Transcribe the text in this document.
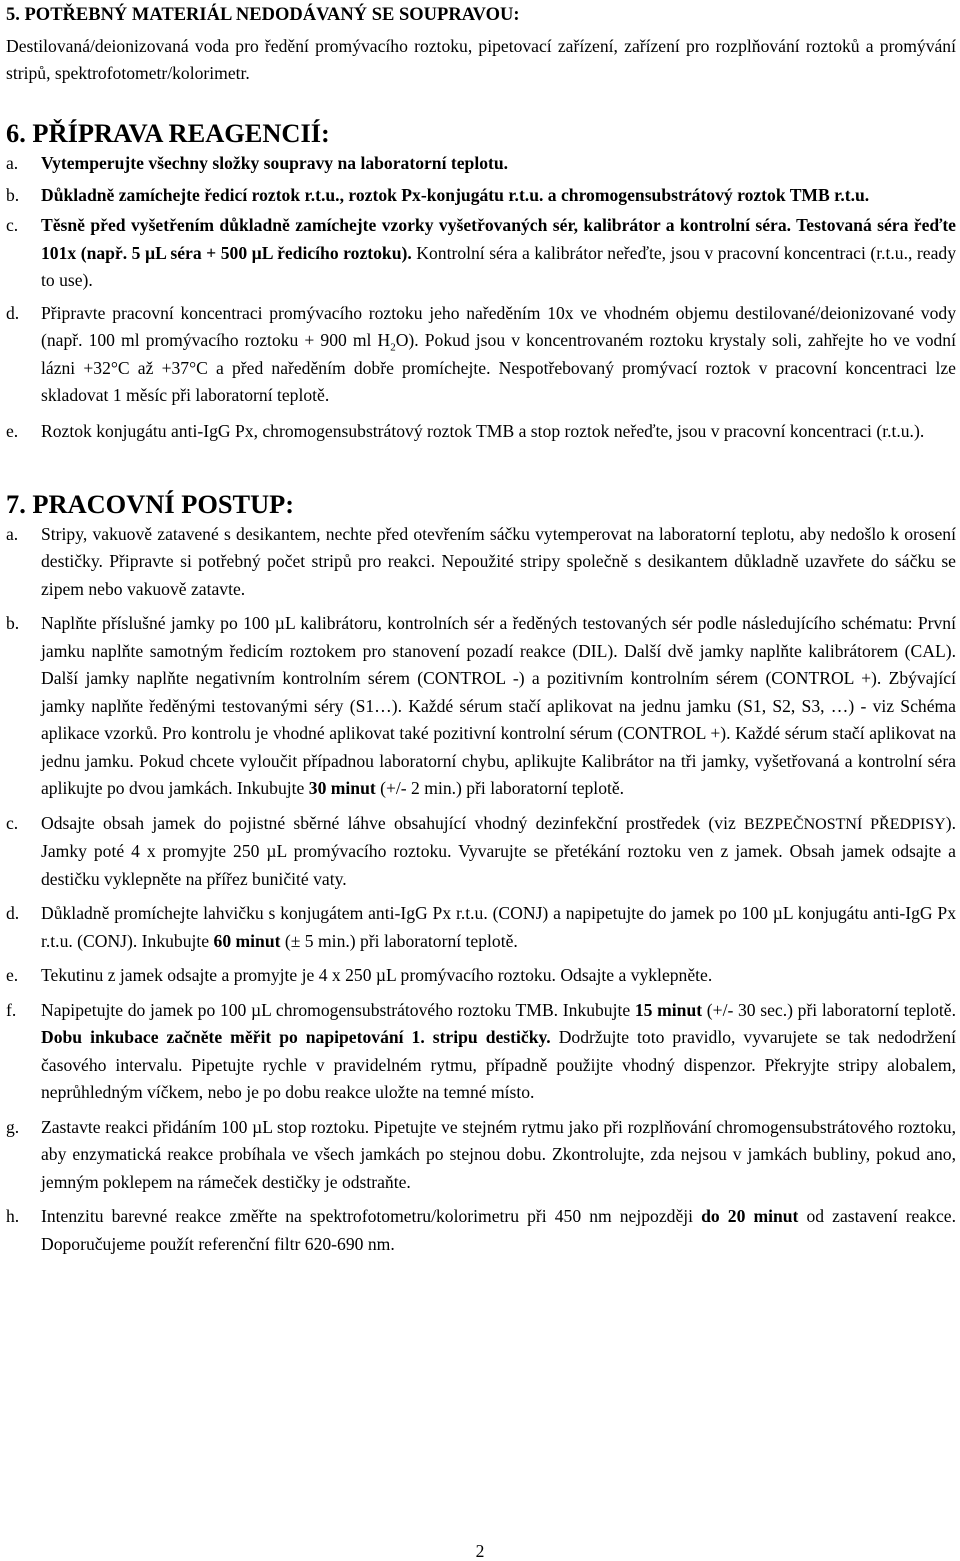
5. POTŘEBNÝ MATERIÁL NEDODÁVANÝ SE SOUPRAVOU:

Destilovaná/deionizovaná voda pro ředění promývacího roztoku, pipetovací zařízení, zařízení pro rozplňování roztoků a promývání stripů, spektrofotometr/kolorimetr.

6. PŘÍPRAVA REAGENCIÍ:
a.	Vytemperujte všechny složky soupravy na laboratorní teplotu.
b.	Důkladně zamíchejte ředicí roztok r.t.u., roztok Px-konjugátu r.t.u. a chromogensubstrátový roztok TMB r.t.u.
c.	Těsně před vyšetřením důkladně zamíchejte vzorky vyšetřovaných sér, kalibrátor a kontrolní séra. Testovaná séra řeďte 101x (např. 5 µL séra + 500 µL ředicího roztoku). Kontrolní séra a kalibrátor neřeďte, jsou v pracovní koncentraci (r.t.u., ready to use).
d.	Připravte pracovní koncentraci promývacího roztoku jeho naředěním 10x ve vhodném objemu destilované/deionizované vody (např. 100 ml promývacího roztoku + 900 ml $H_2O$). Pokud jsou v koncentrovaném roztoku krystaly soli, zahřejte ho ve vodní lázni +32°C až +37°C a před naředěním dobře promíchejte. Nespotřebovaný promývací roztok v pracovní koncentraci lze skladovat 1 měsíc při laboratorní teplotě.
e.	Roztok konjugátu anti-IgG Px, chromogensubstrátový roztok TMB a stop roztok neřeďte, jsou v pracovní koncentraci (r.t.u.).
7. PRACOVNÍ POSTUP:
a.	Stripy, vakuově zatavené s desikantem, nechte před otevřením sáčku vytemperovat na laboratorní teplotu, aby nedošlo k orosení destičky. Připravte si potřebný počet stripů pro reakci. Nepoužité stripy společně s desikantem důkladně uzavřete do sáčku se zipem nebo vakuově zatavte.
b.	Naplňte příslušné jamky po 100 µL kalibrátoru, kontrolních sér a ředěných testovaných sér podle následujícího schématu: První jamku naplňte samotným ředicím roztokem pro stanovení pozadí reakce (DIL). Další dvě jamky naplňte kalibrátorem (CAL). Další jamky naplňte negativním kontrolním sérem (CONTROL -) a pozitivním kontrolním sérem (CONTROL +). Zbývající jamky naplňte ředěnými testovanými séry (S1…). Každé sérum stačí aplikovat na jednu jamku (S1, S2, S3, …) - viz Schéma aplikace vzorků. Pro kontrolu je vhodné aplikovat také pozitivní kontrolní sérum (CONTROL +). Každé sérum stačí aplikovat na jednu jamku. Pokud chcete vyloučit případnou laboratorní chybu, aplikujte Kalibrátor na tři jamky, vyšetřovaná a kontrolní séra aplikujte po dvou jamkách. Inkubujte 30 minut (+/- 2 min.) při laboratorní teplotě.
c.	Odsajte obsah jamek do pojistné sběrné láhve obsahující vhodný dezinfekční prostředek (viz BEZPEČNOSTNÍ PŘEDPISY). Jamky poté 4 x promyjte 250 µL promývacího roztoku. Vyvarujte se přetékání roztoku ven z jamek. Obsah jamek odsajte a destičku vyklepněte na přířez buničité vaty.
d.	Důkladně promíchejte lahvičku s konjugátem anti-IgG Px r.t.u. (CONJ) a napipetujte do jamek po 100 µL konjugátu anti-IgG Px r.t.u. (CONJ). Inkubujte 60 minut (± 5 min.) při laboratorní teplotě.
e.	Tekutinu z jamek odsajte a promyjte je 4 x 250 µL promývacího roztoku. Odsajte a vyklepněte.
f.	Napipetujte do jamek po 100 µL chromogensubstrátového roztoku TMB. Inkubujte 15 minut (+/- 30 sec.) při laboratorní teplotě. Dobu inkubace začněte měřit po napipetování 1. stripu destičky. Dodržujte toto pravidlo, vyvarujete se tak nedodržení časového intervalu. Pipetujte rychle v pravidelném rytmu, případně použijte vhodný dispenzor. Překryjte stripy alobalem, neprůhledným víčkem, nebo je po dobu reakce uložte na temné místo.
g.	Zastavte reakci přidáním 100 µL stop roztoku. Pipetujte ve stejném rytmu jako při rozplňování chromogensubstrátového roztoku, aby enzymatická reakce probíhala ve všech jamkách po stejnou dobu. Zkontrolujte, zda nejsou v jamkách bubliny, pokud ano, jemným poklepem na rámeček destičky je odstraňte.
h.	Intenzitu barevné reakce změřte na spektrofotometru/kolorimetru při 450 nm nejpozději do 20 minut od zastavení reakce. Doporučujeme použít referenční filtr 620-690 nm.
2
